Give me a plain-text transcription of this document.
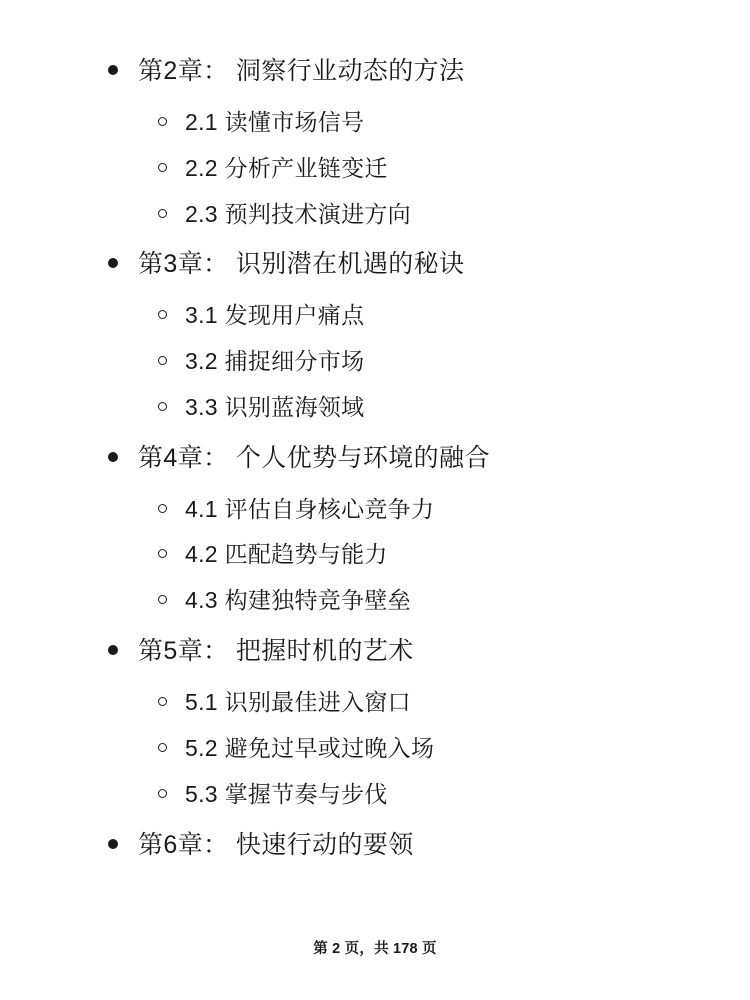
第2章： 洞察行业动态的方法
2.1 读懂市场信号
2.2 分析产业链变迁
2.3 预判技术演进方向
第3章： 识别潜在机遇的秘诀
3.1 发现用户痛点
3.2 捕捉细分市场
3.3 识别蓝海领域
第4章： 个人优势与环境的融合
4.1 评估自身核心竞争力
4.2 匹配趋势与能力
4.3 构建独特竞争壁垒
第5章： 把握时机的艺术
5.1 识别最佳进入窗口
5.2 避免过早或过晚入场
5.3 掌握节奏与步伐
第6章： 快速行动的要领
第 2 页，共 178 页
